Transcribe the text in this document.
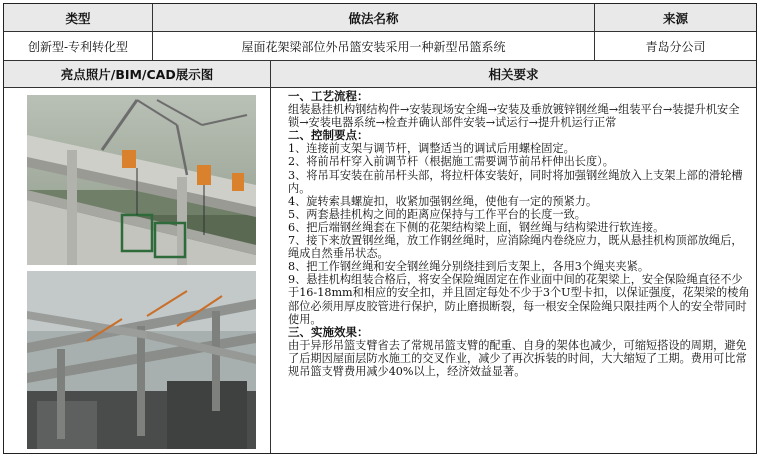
类型	做法名称	来源
创新型-专利转化型	屋面花架梁部位外吊篮安装采用一种新型吊篮系统	青岛分公司
亮点照片/BIM/CAD展示图	相关要求

一、工艺流程：

组装悬挂机构钢结构件→安装现场安全绳→安装及垂放镀锌钢丝绳→组装平台→装提升机安全锁→安装电器系统→检查并确认部件安装→试运行→提升机运行正常

二、控制要点：

1、连接前支架与调节杆，调整适当的调试后用螺栓固定。

2、将前吊杆穿入前调节杆（根据施工需要调节前吊杆伸出长度）。

3、将吊耳安装在前吊杆头部，将拉杆体安装好，同时将加强钢丝绳放入上支架上部的滑轮槽内。

4、旋转索具螺旋扣，收紧加强钢丝绳，使他有一定的预紧力。

5、两套悬挂机构之间的距离应保持与工作平台的长度一致。

6、把后端钢丝绳套在下侧的花架结构梁上面，钢丝绳与结构梁进行软连接。

7、接下来放置钢丝绳，放工作钢丝绳时，应消除绳内卷绕应力，既从悬挂机构顶部放绳后，绳成自然垂吊状态。

8、把工作钢丝绳和安全钢丝绳分别绕挂到后支架上，各用3个绳夹夹紧。

9、悬挂机构组装合格后，将安全保险绳固定在作业面中间的花架梁上，安全保险绳直径不少于16-18mm和相应的安全扣，并且固定每处不少于3个U型卡扣，以保证强度，花架梁的棱角部位必须用厚皮胶管进行保护，防止磨损断裂，每一根安全保险绳只限挂两个人的安全带同时使用。

三、实施效果：

由于异形吊篮支臂省去了常规吊篮支臂的配重、自身的架体也减少，可缩短搭设的周期，避免了后期因屋面层防水施工的交叉作业，减少了再次拆装的时间，大大缩短了工期。费用可比常规吊篮支臂费用减少40%以上，经济效益显著。
